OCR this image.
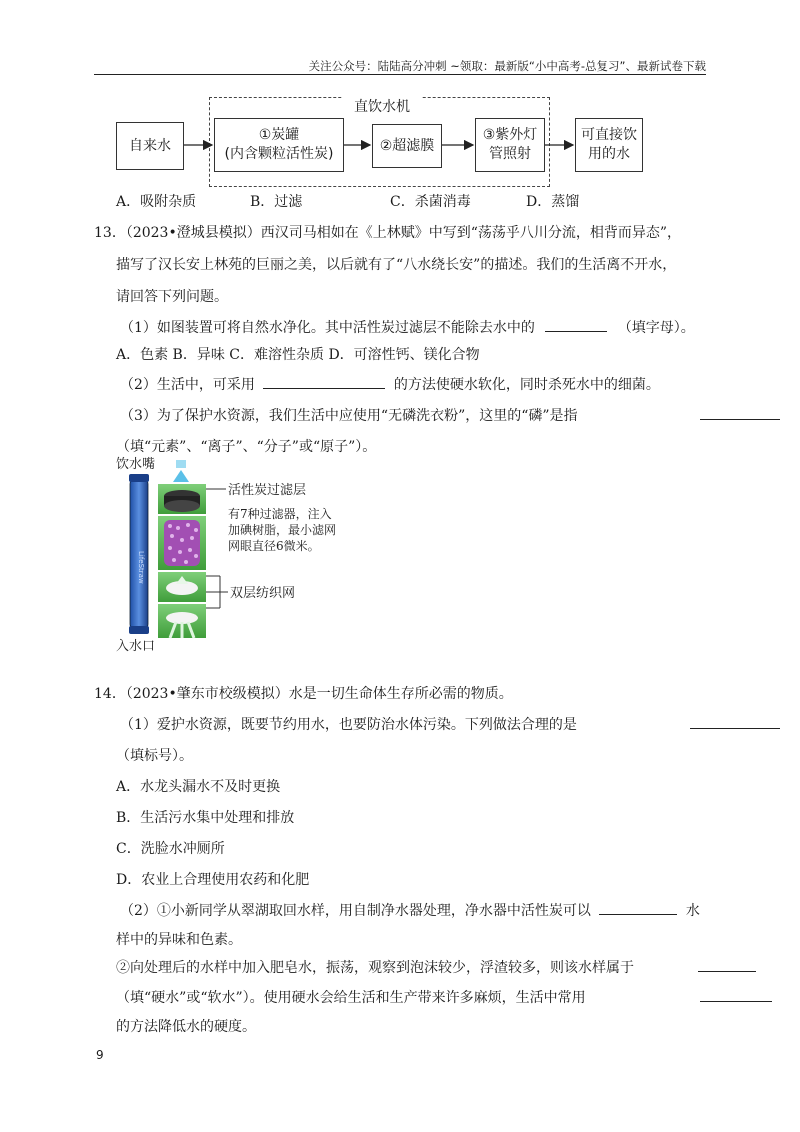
关注公众号：陆陆高分冲刺 ~领取：最新版“小中高考-总复习”、最新试卷下载
直饮水机
自来水
①炭罐
(内含颗粒活性炭)
②超滤膜
③紫外灯
管照射
可直接饮
用的水
A．吸附杂质	B．过滤	C．杀菌消毒	D．蒸馏
13．（2023•澄城县模拟）西汉司马相如在《上林赋》中写到“荡荡乎八川分流，相背而异态”，
描写了汉长安上林苑的巨丽之美，以后就有了“八水绕长安”的描述。我们的生活离不开水，
请回答下列问题。
（1）如图装置可将自然水净化。其中活性炭过滤层不能除去水中的	（填字母）。
A．色素 B．异味 C．难溶性杂质 D．可溶性钙、镁化合物
（2）生活中，可采用	的方法使硬水软化，同时杀死水中的细菌。
（3）为了保护水资源，我们生活中应使用“无磷洗衣粉”，这里的“磷”是指
（填“元素”、“离子”、“分子”或“原子”）。
LifeStraw
饮水嘴
入水口
活性炭过滤层
有7种过滤器，注入
加碘树脂，最小滤网
网眼直径6微米。
双层纺织网
14．（2023•肇东市校级模拟）水是一切生命体生存所必需的物质。
（1）爱护水资源，既要节约用水，也要防治水体污染。下列做法合理的是
（填标号）。
A．水龙头漏水不及时更换
B．生活污水集中处理和排放
C．洗脸水冲厕所
D．农业上合理使用农药和化肥
（2）①小新同学从翠湖取回水样，用自制净水器处理，净水器中活性炭可以	水
样中的异味和色素。
②向处理后的水样中加入肥皂水，振荡，观察到泡沫较少，浮渣较多，则该水样属于
（填“硬水”或“软水”）。使用硬水会给生活和生产带来许多麻烦，生活中常用
的方法降低水的硬度。
9
